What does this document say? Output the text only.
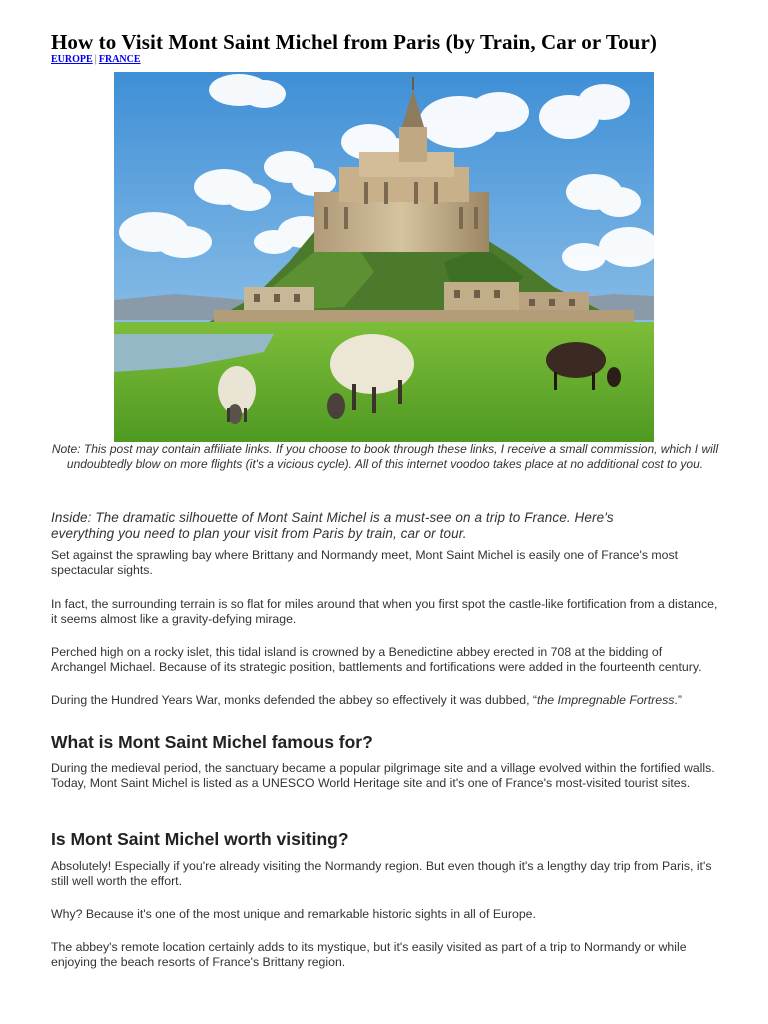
How to Visit Mont Saint Michel from Paris (by Train, Car or Tour)
EUROPE | FRANCE
Note: This post may contain affiliate links. If you choose to book through these links, I receive a small commission, which I will undoubtedly blow on more flights (it's a vicious cycle). All of this internet voodoo takes place at no additional cost to you.
Inside: The dramatic silhouette of Mont Saint Michel is a must-see on a trip to France. Here's everything you need to plan your visit from Paris by train, car or tour.

Set against the sprawling bay where Brittany and Normandy meet, Mont Saint Michel is easily one of France's most spectacular sights.

In fact, the surrounding terrain is so flat for miles around that when you first spot the castle-like fortification from a distance, it seems almost like a gravity-defying mirage.

Perched high on a rocky islet, this tidal island is crowned by a Benedictine abbey erected in 708 at the bidding of Archangel Michael. Because of its strategic position, battlements and fortifications were added in the fourteenth century.

During the Hundred Years War, monks defended the abbey so effectively it was dubbed, “the Impregnable Fortress.”

What is Mont Saint Michel famous for?

During the medieval period, the sanctuary became a popular pilgrimage site and a village evolved within the fortified walls. Today, Mont Saint Michel is listed as a UNESCO World Heritage site and it's one of France's most-visited tourist sites.

Is Mont Saint Michel worth visiting?

Absolutely! Especially if you're already visiting the Normandy region. But even though it's a lengthy day trip from Paris, it's still well worth the effort.

Why? Because it's one of the most unique and remarkable historic sights in all of Europe.

The abbey's remote location certainly adds to its mystique, but it's easily visited as part of a trip to Normandy or while enjoying the beach resorts of France's Brittany region.
